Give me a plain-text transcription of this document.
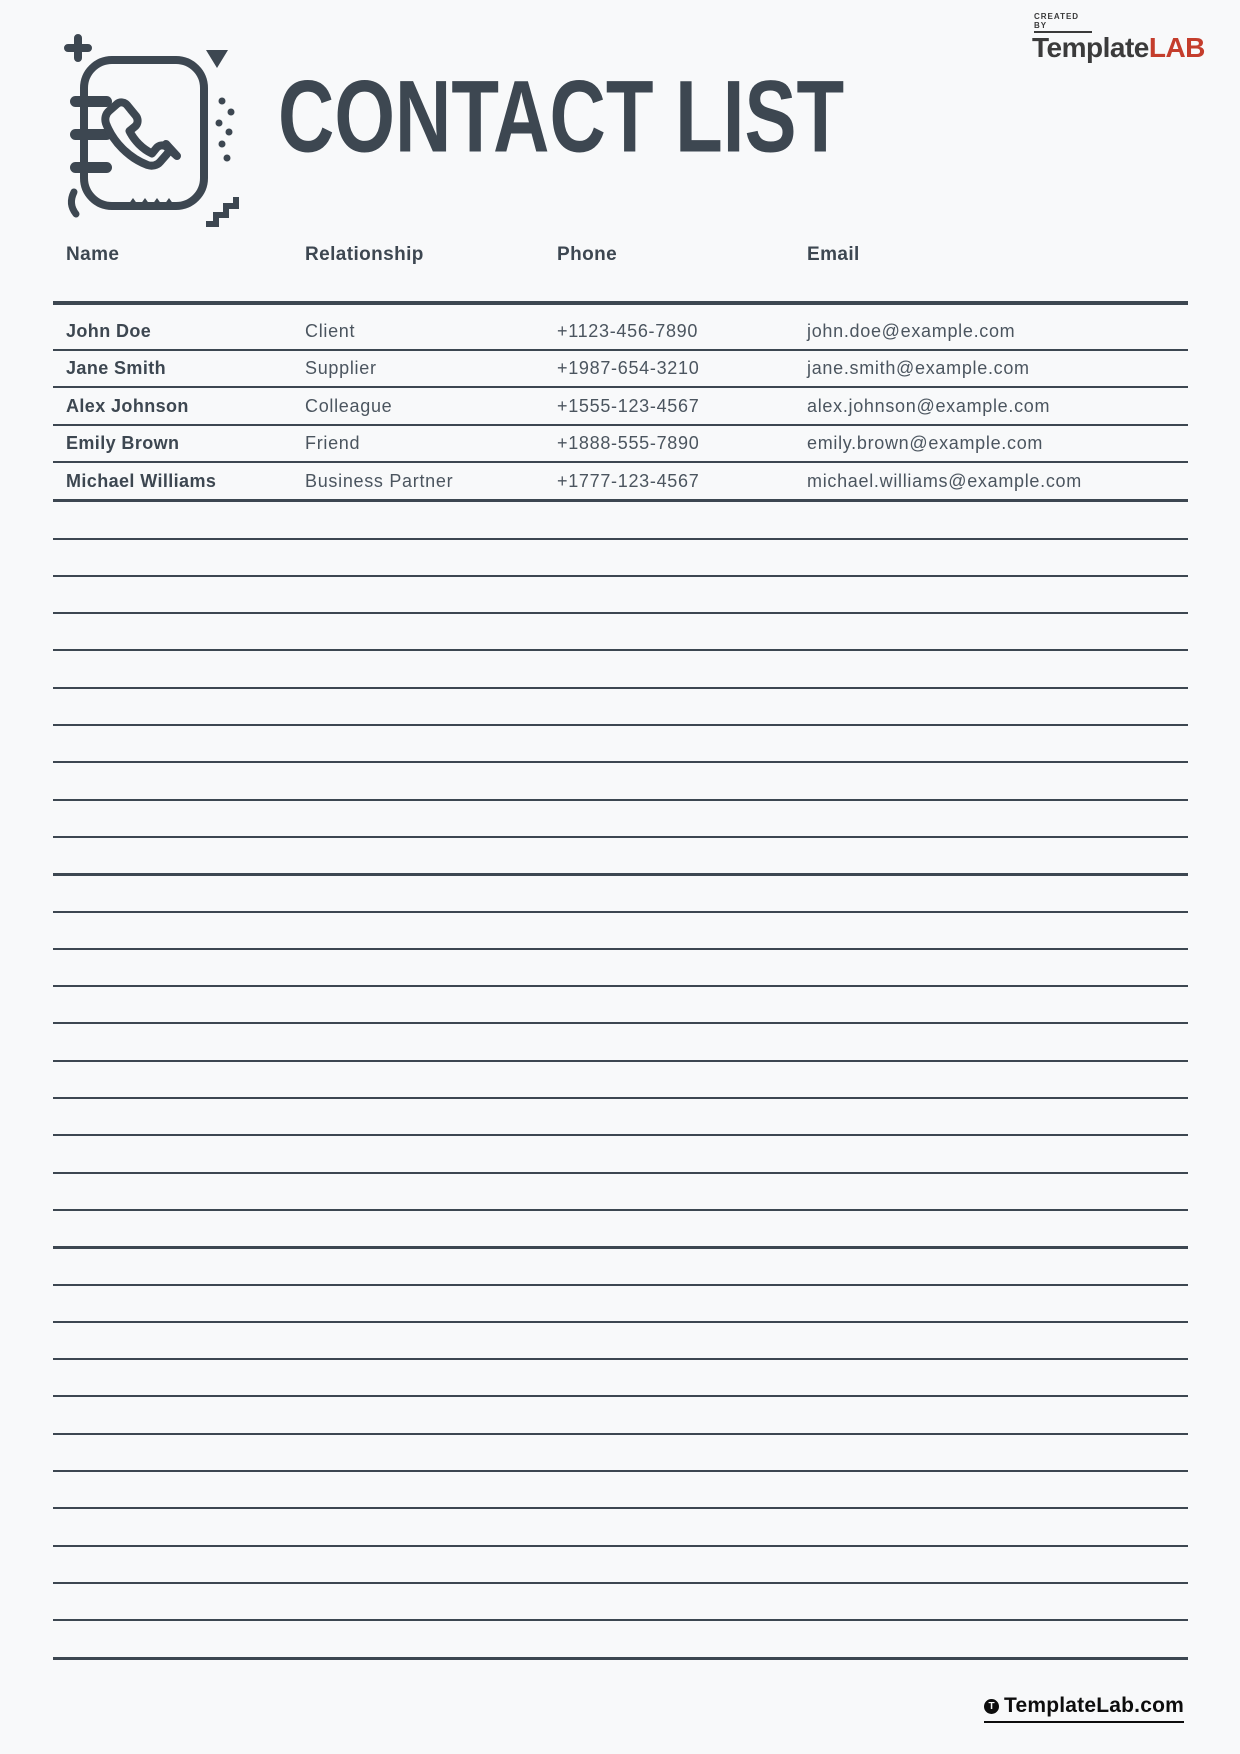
CREATED BY
TemplateLAB
CONTACT LIST
Name	Relationship	Phone	Email
John Doe	Client	+1123-456-7890	john.doe@example.com
Jane Smith	Supplier	+1987-654-3210	jane.smith@example.com
Alex Johnson	Colleague	+1555-123-4567	alex.johnson@example.com
Emily Brown	Friend	+1888-555-7890	emily.brown@example.com
Michael Williams	Business Partner	+1777-123-4567	michael.williams@example.com
T TemplateLab.com
